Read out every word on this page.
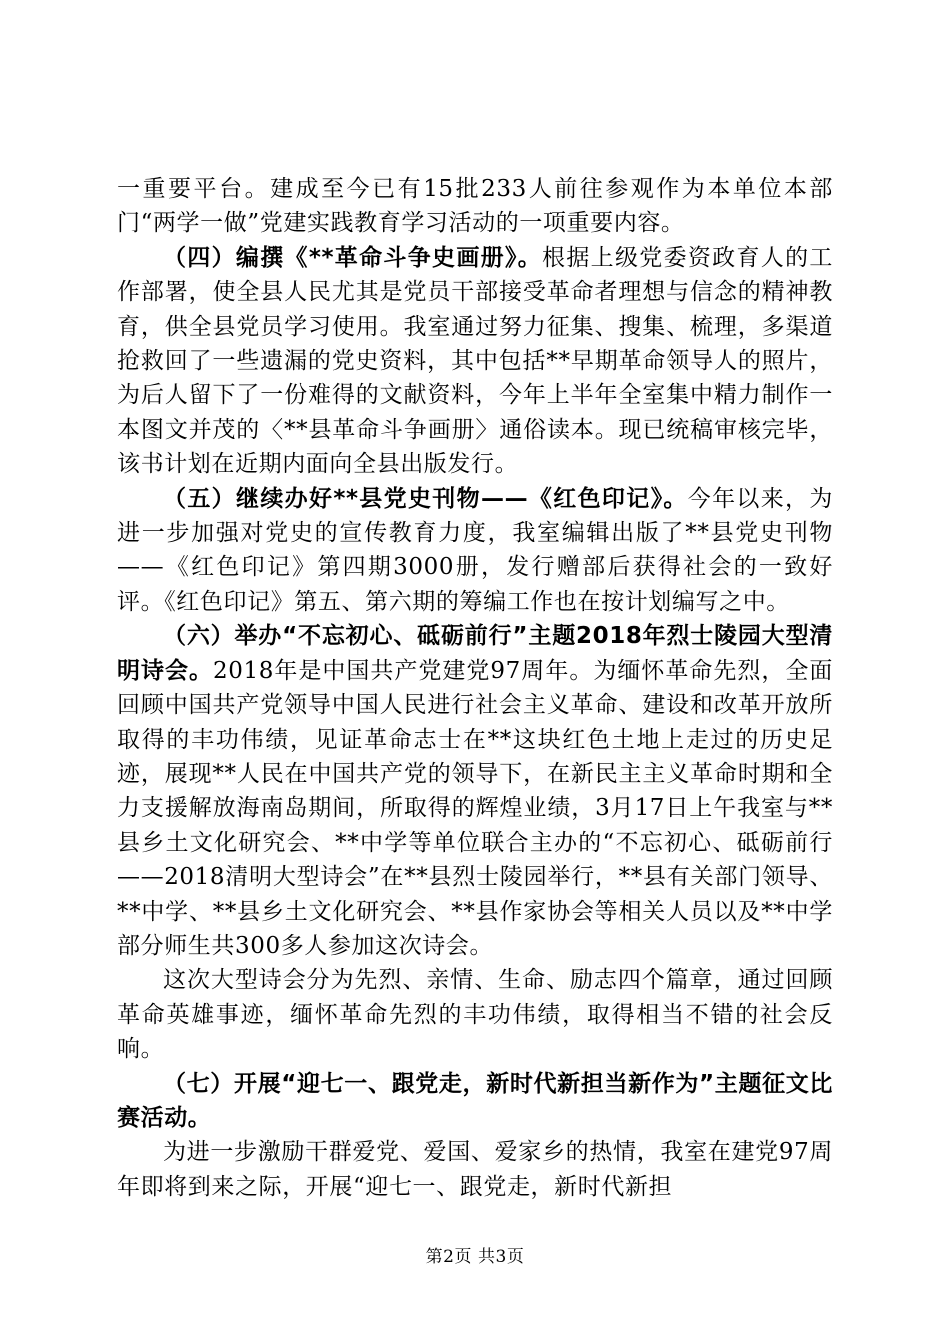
一重要平台。建成至今已有15批233人前往参观作为本单位本部门“两学一做”党建实践教育学习活动的一项重要内容。

（四）编撰《**革命斗争史画册》。根据上级党委资政育人的工作部署，使全县人民尤其是党员干部接受革命者理想与信念的精神教育，供全县党员学习使用。我室通过努力征集、搜集、梳理，多渠道抢救回了一些遗漏的党史资料，其中包括**早期革命领导人的照片，为后人留下了一份难得的文献资料，今年上半年全室集中精力制作一本图文并茂的〈**县革命斗争画册〉通俗读本。现已统稿审核完毕，该书计划在近期内面向全县出版发行。

（五）继续办好**县党史刊物——《红色印记》。今年以来，为进一步加强对党史的宣传教育力度，我室编辑出版了**县党史刊物——《红色印记》第四期3000册，发行赠部后获得社会的一致好评。《红色印记》第五、第六期的筹编工作也在按计划编写之中。

（六）举办“不忘初心、砥砺前行”主题2018年烈士陵园大型清明诗会。2018年是中国共产党建党97周年。为缅怀革命先烈，全面回顾中国共产党领导中国人民进行社会主义革命、建设和改革开放所取得的丰功伟绩，见证革命志士在**这块红色土地上走过的历史足迹，展现**人民在中国共产党的领导下，在新民主主义革命时期和全力支援解放海南岛期间，所取得的辉煌业绩，3月17日上午我室与**县乡土文化研究会、**中学等单位联合主办的“不忘初心、砥砺前行——2018清明大型诗会”在**县烈士陵园举行，**县有关部门领导、**中学、**县乡土文化研究会、**县作家协会等相关人员以及**中学部分师生共300多人参加这次诗会。

这次大型诗会分为先烈、亲情、生命、励志四个篇章，通过回顾革命英雄事迹，缅怀革命先烈的丰功伟绩，取得相当不错的社会反响。

（七）开展“迎七一、跟党走，新时代新担当新作为”主题征文比赛活动。

为进一步激励干群爱党、爱国、爱家乡的热情，我室在建党97周年即将到来之际，开展“迎七一、跟党走，新时代新担

第2页 共3页
